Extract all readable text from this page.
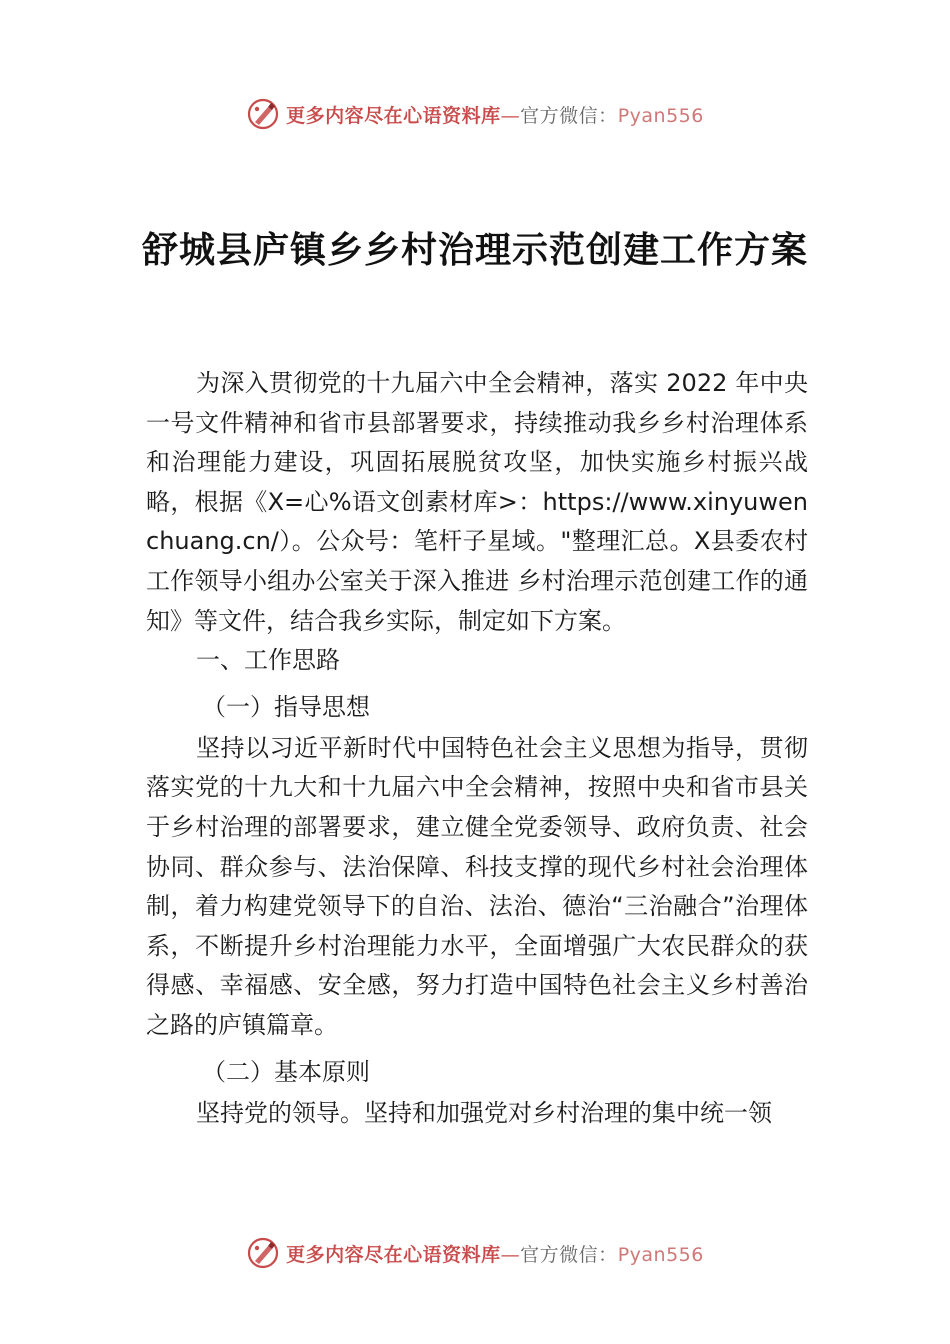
更多内容尽在心语资料库—官方微信：Pyan556
舒城县庐镇乡乡村治理示范创建工作方案

为深入贯彻党的十九届六中全会精神，落实 2022 年中央一号文件精神和省市县部署要求，持续推动我乡乡村治理体系和治理能力建设，巩固拓展脱贫攻坚，加快实施乡村振兴战略，根据《X=心%语文创素材库>：https://www.xinyuwenchuang.cn/）。公众号：笔杆子星域。"整理汇总。X县委农村工作领导小组办公室关于深入推进 乡村治理示范创建工作的通知》等文件，结合我乡实际，制定如下方案。

一、工作思路

（一）指导思想

坚持以习近平新时代中国特色社会主义思想为指导，贯彻落实党的十九大和十九届六中全会精神，按照中央和省市县关于乡村治理的部署要求，建立健全党委领导、政府负责、社会协同、群众参与、法治保障、科技支撑的现代乡村社会治理体制，着力构建党领导下的自治、法治、德治“三治融合”治理体系，不断提升乡村治理能力水平，全面增强广大农民群众的获得感、幸福感、安全感，努力打造中国特色社会主义乡村善治之路的庐镇篇章。

（二）基本原则

坚持党的领导。坚持和加强党对乡村治理的集中统一领

更多内容尽在心语资料库—官方微信：Pyan556
